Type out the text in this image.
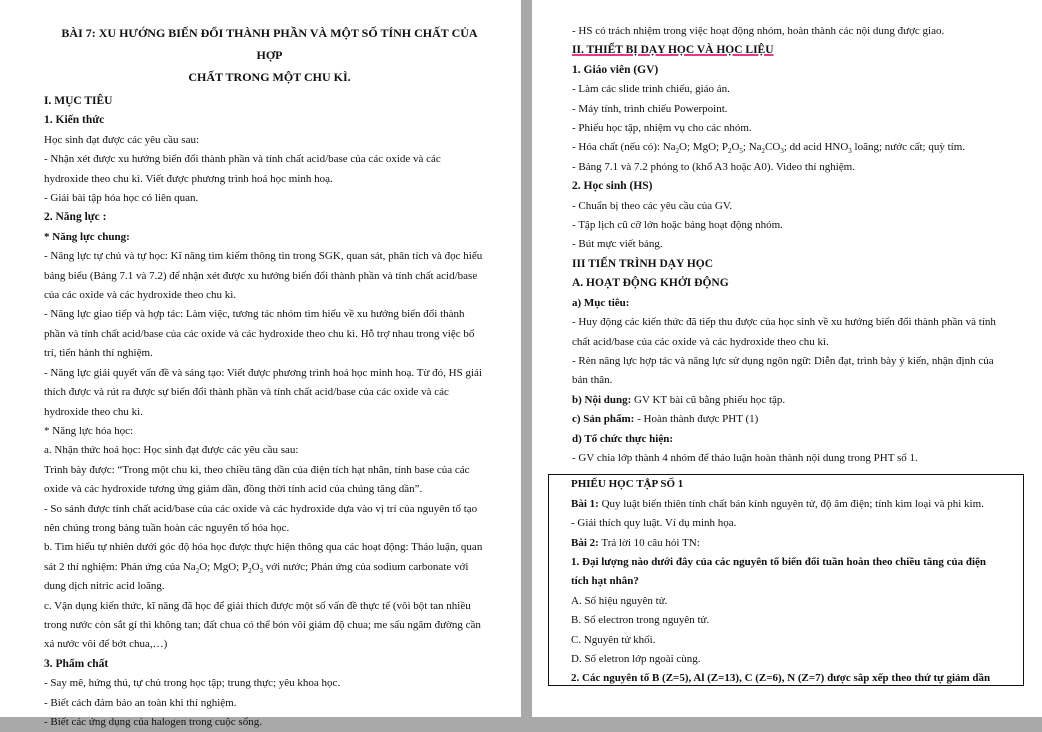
BÀI 7: XU HƯỚNG BIẾN ĐỔI THÀNH PHẦN VÀ MỘT SỐ TÍNH CHẤT CỦA HỢP
CHẤT TRONG MỘT CHU KÌ.

I. MỤC TIÊU

1. Kiến thức

Học sinh đạt được các yêu cầu sau:

- Nhận xét được xu hướng biến đổi thành phần và tính chất acid/base của các oxide và các

hydroxide theo chu kì. Viết được phương trình hoá học minh hoạ.

- Giải bài tập hóa học có liên quan.

2. Năng lực :

* Năng lực chung:

- Năng lực tự chủ và tự học: Kĩ năng tìm kiếm thông tin trong SGK, quan sát, phân tích và đọc hiểu

bảng biểu (Bảng 7.1 và 7.2) để nhận xét được xu hướng biến đổi thành phần và tính chất acid/base

của các oxide và các hydroxide theo chu kì.

- Năng lực giao tiếp và hợp tác: Làm việc, tương tác nhóm tìm hiểu về xu hướng biến đổi thành

phần và tính chất acid/base của các oxide và các hydroxide theo chu kì. Hỗ trợ nhau trong việc bố

trí, tiến hành thí nghiệm.

- Năng lực giải quyết vấn đề và sáng tạo: Viết được phương trình hoá học minh hoạ. Từ đó, HS giải

thích được và rút ra được sự biến đổi thành phần và tính chất acid/base của các oxide và các

hydroxide theo chu kì.

* Năng lực hóa học:

a. Nhận thức hoá học: Học sinh đạt được các yêu cầu sau:

Trình bày được: “Trong một chu kì, theo chiều tăng dần của điện tích hạt nhân, tính base của các

oxide và các hydroxide tương ứng giảm dần, đồng thời tính acid của chúng tăng dần”.

- So sánh được tính chất acid/base của các oxide và các hydroxide dựa vào vị trí của nguyên tố tạo

nên chúng trong bảng tuần hoàn các nguyên tố hóa học.

b. Tìm hiểu tự nhiên dưới góc độ hóa học được thực hiện thông qua các hoạt động: Thảo luận, quan

sát 2 thí nghiệm: Phản ứng của $Na_2O$; MgO; $P_2O_3$ với nước; Phản ứng của sodium carbonate với

dung dịch nitric acid loãng.

c. Vận dụng kiến thức, kĩ năng đã học để giải thích được một số vấn đề thực tế (vôi bột tan nhiều

trong nước còn sắt gỉ thì không tan; đất chua có thể bón vôi giảm độ chua; me sấu ngâm đường cần

xả nước vôi để bớt chua,…)

3. Phẩm chất

- Say mê, hứng thú, tự chủ trong học tập; trung thực; yêu khoa học.

- Biết cách đảm bảo an toàn khi thí nghiệm.

- Biết các ứng dụng của halogen trong cuộc sống.

- HS có trách nhiệm trong việc hoạt động nhóm, hoàn thành các nội dung được giao.

II. THIẾT BỊ DẠY HỌC VÀ HỌC LIỆU

1. Giáo viên (GV)

- Làm các slide trình chiếu, giáo án.

- Máy tính, trình chiếu Powerpoint.

- Phiếu học tập, nhiệm vụ cho các nhóm.

- Hóa chất (nếu có): $Na_2O$; MgO; $P_2O_5$; $Na_2CO_3$; dd acid $HNO_3$ loãng; nước cất; quỳ tím.

- Bảng 7.1 và 7.2 phóng to (khổ A3 hoặc A0). Video thí nghiệm.

2. Học sinh (HS)

- Chuẩn bị theo các yêu cầu của GV.

- Tập lịch cũ cỡ lớn hoặc bảng hoạt động nhóm.

- Bút mực viết bảng.

III TIẾN TRÌNH DẠY HỌC

A. HOẠT ĐỘNG KHỞI ĐỘNG

a) Mục tiêu:

- Huy động các kiến thức đã tiếp thu được của học sinh về xu hướng biến đổi thành phần và tính

chất acid/base của các oxide và các hydroxide theo chu kì.

- Rèn năng lực hợp tác và năng lực sử dụng ngôn ngữ: Diễn đạt, trình bày ý kiến, nhận định của

bản thân.

b) Nội dung: GV KT bài cũ bằng phiếu học tập.

c) Sản phẩm: - Hoàn thành được PHT (1)

d) Tổ chức thực hiện:

- GV chia lớp thành 4 nhóm để thảo luận hoàn thành nội dung trong PHT số 1.

PHIẾU HỌC TẬP SỐ 1

Bài 1: Quy luật biến thiên tính chất bán kính nguyên tử, độ âm điện; tính kim loại và phi kim.

- Giải thích quy luật. Ví dụ minh họa.

Bài 2: Trả lời 10 câu hỏi TN:

1. Đại lượng nào dưới đây của các nguyên tố biến đổi tuần hoàn theo chiều tăng của điện

tích hạt nhân?

A. Số hiệu nguyên tử.

B. Số electron trong nguyên tử.

C. Nguyên tử khối.

D. Số eletron lớp ngoài cùng.

2. Các nguyên tố B (Z=5), Al (Z=13), C (Z=6), N (Z=7) được sắp xếp theo thứ tự giảm dần
